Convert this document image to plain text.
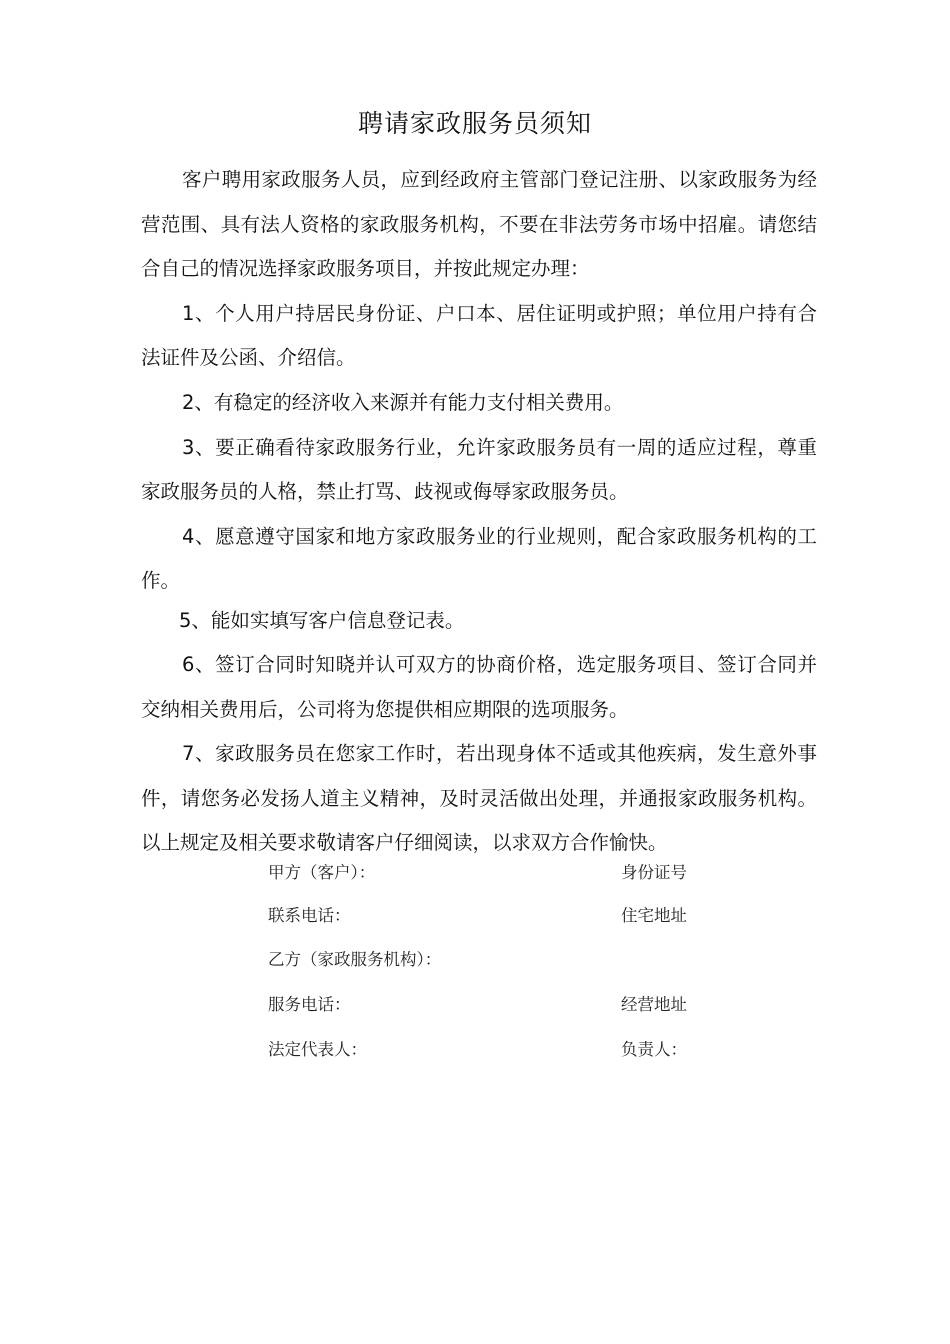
聘请家政服务员须知

客户聘用家政服务人员，应到经政府主管部门登记注册、以家政服务为经营范围、具有法人资格的家政服务机构，不要在非法劳务市场中招雇。请您结合自己的情况选择家政服务项目，并按此规定办理：

1、个人用户持居民身份证、户口本、居住证明或护照；单位用户持有合法证件及公函、介绍信。

2、有稳定的经济收入来源并有能力支付相关费用。

3、要正确看待家政服务行业，允许家政服务员有一周的适应过程，尊重家政服务员的人格，禁止打骂、歧视或侮辱家政服务员。

4、愿意遵守国家和地方家政服务业的行业规则，配合家政服务机构的工作。

5、能如实填写客户信息登记表。

6、签订合同时知晓并认可双方的协商价格，选定服务项目、签订合同并交纳相关费用后，公司将为您提供相应期限的选项服务。

7、家政服务员在您家工作时，若出现身体不适或其他疾病，发生意外事件，请您务必发扬人道主义精神，及时灵活做出处理，并通报家政服务机构。以上规定及相关要求敬请客户仔细阅读，以求双方合作愉快。

甲方（客户）：	身份证号
联系电话：	住宅地址
乙方（家政服务机构）：
服务电话：	经营地址
法定代表人：	负责人：
